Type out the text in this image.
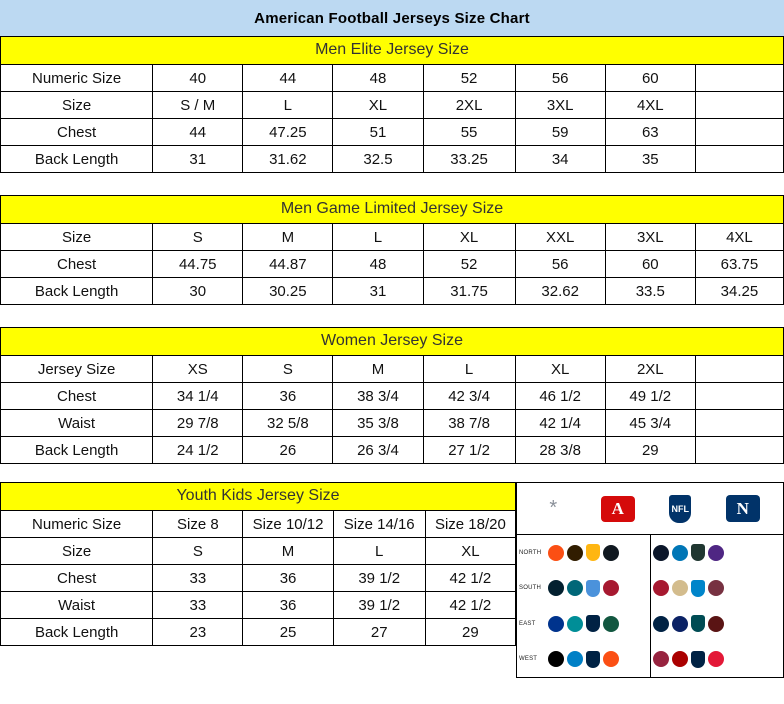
American Football Jerseys Size Chart
Men Elite Jersey Size
Numeric Size	40	44	48	52	56	60	
Size	S / M	L	XL	2XL	3XL	4XL	
Chest	44	47.25	51	55	59	63	
Back Length	31	31.62	32.5	33.25	34	35	
Men Game Limited Jersey Size
Size	S	M	L	XL	XXL	3XL	4XL
Chest	44.75	44.87	48	52	56	60	63.75
Back Length	30	30.25	31	31.75	32.62	33.5	34.25
Women Jersey Size
Jersey Size	XS	S	M	L	XL	2XL	
Chest	34 1/4	36	38 3/4	42 3/4	46 1/2	49 1/2	
Waist	29 7/8	32 5/8	35 3/8	38 7/8	42 1/4	45 3/4	
Back Length	24 1/2	26	26 3/4	27 1/2	28 3/8	29	
Youth Kids Jersey Size
Numeric Size	Size 8	Size 10/12	Size 14/16	Size 18/20
Size	S	M	L	XL
Chest	33	36	39 1/2	42 1/2
Waist	33	36	39 1/2	42 1/2
Back Length	23	25	27	29
*	A	NFL	N
NORTH
SOUTH
EAST
WEST
